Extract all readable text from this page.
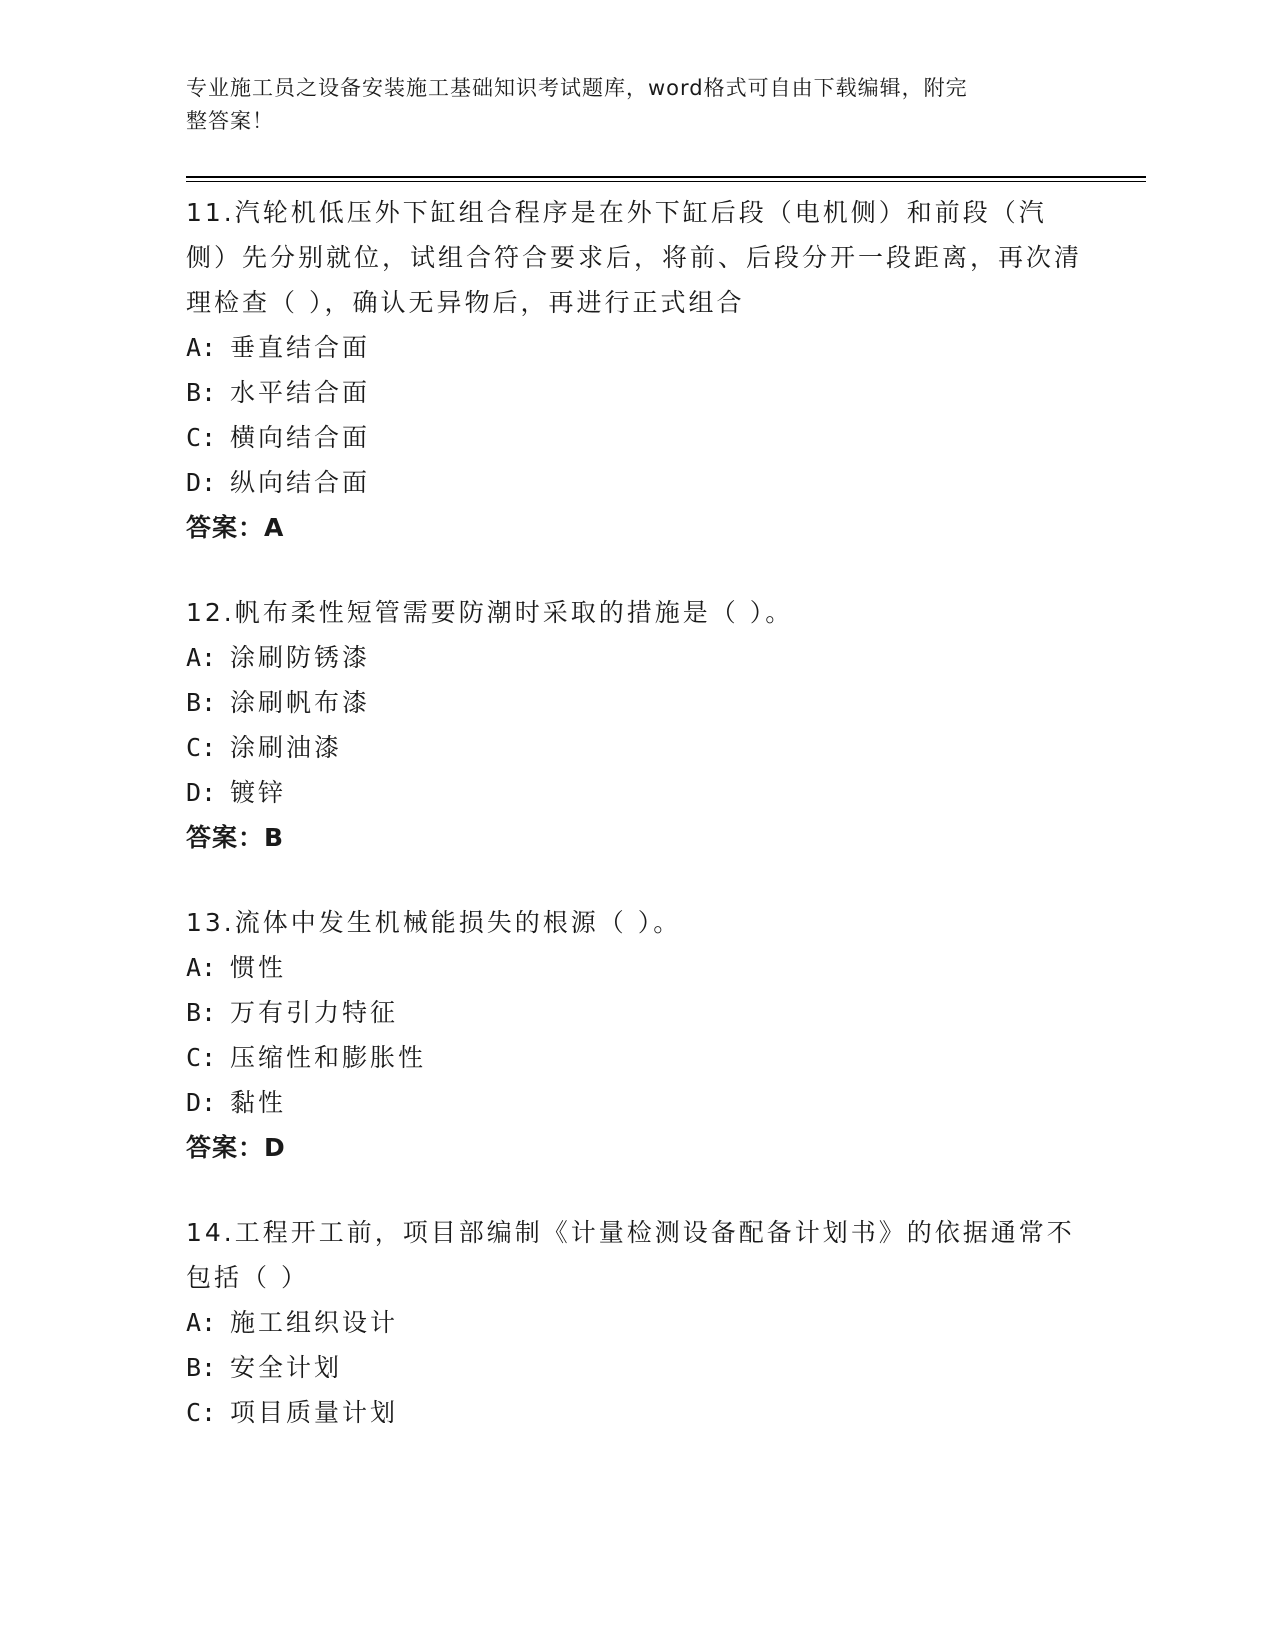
专业施工员之设备安装施工基础知识考试题库，word格式可自由下载编辑，附完
整答案！

11.汽轮机低压外下缸组合程序是在外下缸后段（电机侧）和前段（汽侧）先分别就位，试组合符合要求后，将前、后段分开一段距离，再次清理检查（ ），确认无异物后，再进行正式组合

A: 垂直结合面

B: 水平结合面

C: 横向结合面

D: 纵向结合面

答案：A

12.帆布柔性短管需要防潮时采取的措施是（ ）。

A: 涂刷防锈漆

B: 涂刷帆布漆

C: 涂刷油漆

D: 镀锌

答案：B

13.流体中发生机械能损失的根源（ ）。

A: 惯性

B: 万有引力特征

C: 压缩性和膨胀性

D: 黏性

答案：D

14.工程开工前，项目部编制《计量检测设备配备计划书》的依据通常不包括（ ）

A: 施工组织设计

B: 安全计划

C: 项目质量计划
